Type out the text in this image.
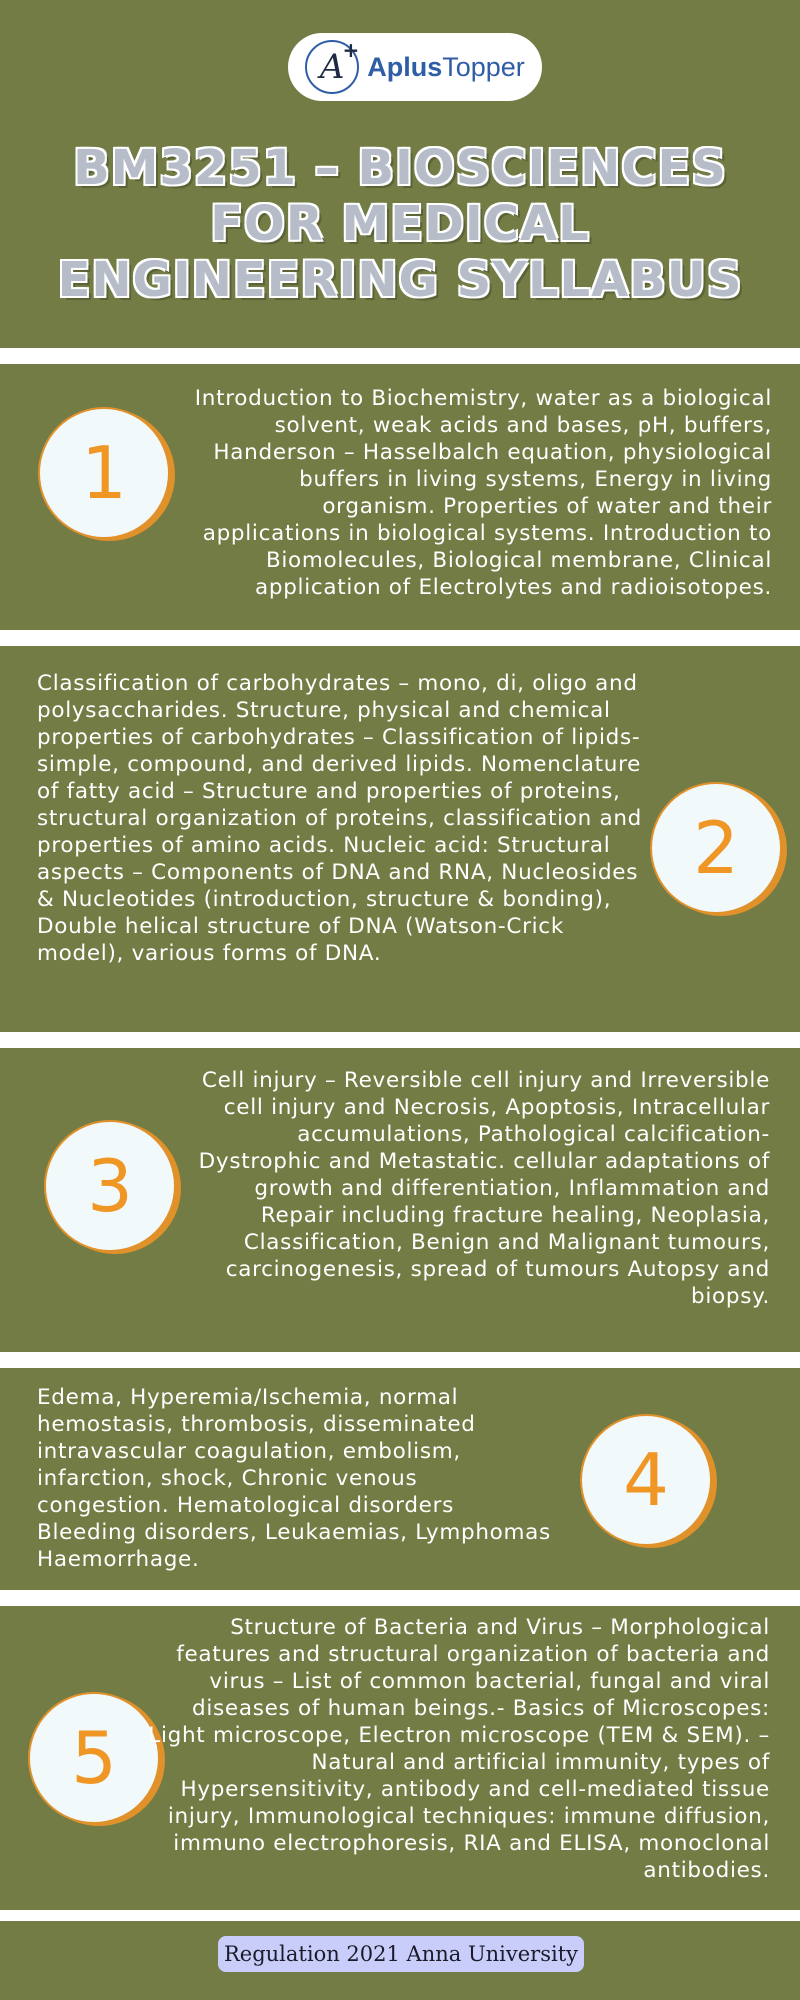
A
+
AplusTopper
BM3251 – BIOSCIENCES FOR MEDICAL ENGINEERING SYLLABUS
1

Introduction to Biochemistry, water as a biological solvent, weak acids and bases, pH, buffers, Handerson – Hasselbalch equation, physiological buffers in living systems, Energy in living organism. Properties of water and their applications in biological systems. Introduction to Biomolecules, Biological membrane, Clinical application of Electrolytes and radioisotopes.

2

Classification of carbohydrates – mono, di, oligo and polysaccharides. Structure, physical and chemical properties of carbohydrates – Classification of lipids- simple, compound, and derived lipids. Nomenclature of fatty acid – Structure and properties of proteins, structural organization of proteins, classification and properties of amino acids. Nucleic acid: Structural aspects – Components of DNA and RNA, Nucleosides & Nucleotides (introduction, structure & bonding), Double helical structure of DNA (Watson-Crick model), various forms of DNA.

3

Cell injury – Reversible cell injury and Irreversible cell injury and Necrosis, Apoptosis, Intracellular accumulations, Pathological calcification- Dystrophic and Metastatic. cellular adaptations of growth and differentiation, Inflammation and Repair including fracture healing, Neoplasia, Classification, Benign and Malignant tumours, carcinogenesis, spread of tumours Autopsy and biopsy.

4

Edema, Hyperemia/Ischemia, normal hemostasis, thrombosis, disseminated intravascular coagulation, embolism, infarction, shock, Chronic venous congestion. Hematological disorders Bleeding disorders, Leukaemias, Lymphomas Haemorrhage.

5

Structure of Bacteria and Virus – Morphological features and structural organization of bacteria and virus – List of common bacterial, fungal and viral diseases of human beings.- Basics of Microscopes: Light microscope, Electron microscope (TEM & SEM). – Natural and artificial immunity, types of Hypersensitivity, antibody and cell-mediated tissue injury, Immunological techniques: immune diffusion, immuno electrophoresis, RIA and ELISA, monoclonal antibodies.

Regulation 2021 Anna University
